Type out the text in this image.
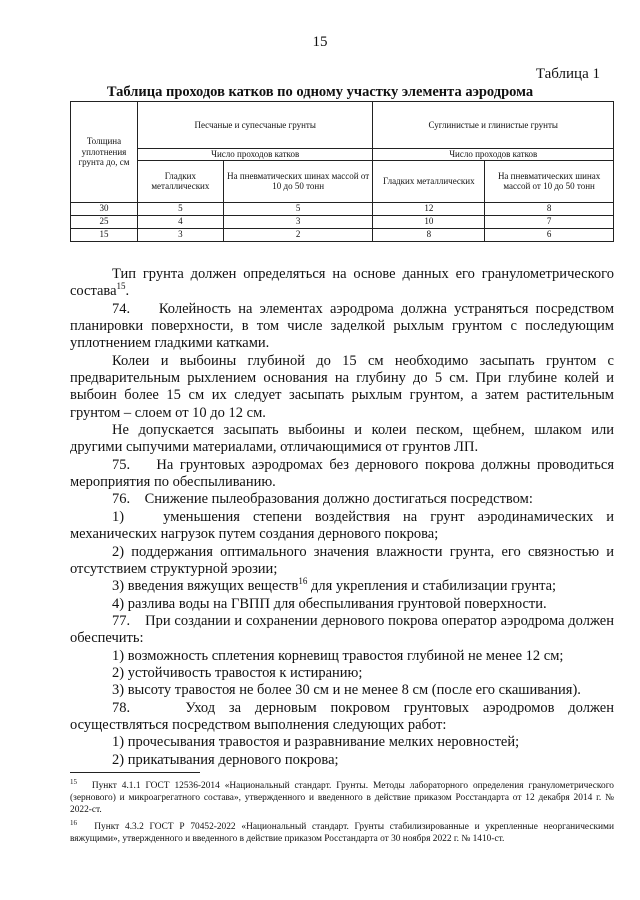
15
Таблица 1
Таблица проходов катков по одному участку элемента аэродрома
Толщина уплотнения грунта до, см	Песчаные и супесчаные грунты		Суглинистые и глинистые грунты	
	Число проходов катков		Число проходов катков	
	Гладких металлических	На пневматических шинах массой от 10 до 50 тонн	Гладких металлических	На пневматических шинах массой от 10 до 50 тонн
30	5	5	12	8
25	4	3	10	7
15	3	2	8	6

Тип грунта должен определяться на основе данных его гранулометрического состава$^{15}$.

74.    Колейность на элементах аэродрома должна устраняться посредством планировки поверхности, в том числе заделкой рыхлым грунтом с последующим уплотнением гладкими катками.

Колеи и выбоины глубиной до 15 см необходимо засыпать грунтом с предварительным рыхлением основания на глубину до 5 см. При глубине колей и выбоин более 15 см их следует засыпать рыхлым грунтом, а затем растительным грунтом – слоем от 10 до 12 см.

Не допускается засыпать выбоины и колеи песком, щебнем, шлаком или другими сыпучими материалами, отличающимися от грунтов ЛП.

75.    На грунтовых аэродромах без дернового покрова должны проводиться мероприятия по обеспыливанию.

76.    Снижение пылеобразования должно достигаться посредством:

1)   уменьшения степени воздействия на грунт аэродинамических и механических нагрузок путем создания дернового покрова;

2) поддержания оптимального значения влажности грунта, его связностью и отсутствием структурной эрозии;

3) введения вяжущих веществ$^{16}$ для укрепления и стабилизации грунта;

4) разлива воды на ГВПП для обеспыливания грунтовой поверхности.

77.    При создании и сохранении дернового покрова оператор аэродрома должен обеспечить:

1) возможность сплетения корневищ травостоя глубиной не менее 12 см;

2) устойчивость травостоя к истиранию;

3) высоту травостоя не более 30 см и не менее 8 см (после его скашивания).

78.    Уход за дерновым покровом грунтовых аэродромов должен осуществляться посредством выполнения следующих работ:

1) прочесывания травостоя и разравнивание мелких неровностей;

2) прикатывания дернового покрова;

$^{15}$   Пункт 4.1.1 ГОСТ 12536-2014 «Национальный стандарт. Грунты. Методы лабораторного определения гранулометрического (зернового) и микроагрегатного состава», утвержденного и введенного в действие приказом Росстандарта от 12 декабря 2014 г. № 2022-ст.

$^{16}$   Пункт 4.3.2 ГОСТ Р 70452-2022 «Национальный стандарт. Грунты стабилизированные и укрепленные неорганическими вяжущими», утвержденного и введенного в действие приказом Росстандарта от 30 ноября 2022 г. № 1410-ст.
